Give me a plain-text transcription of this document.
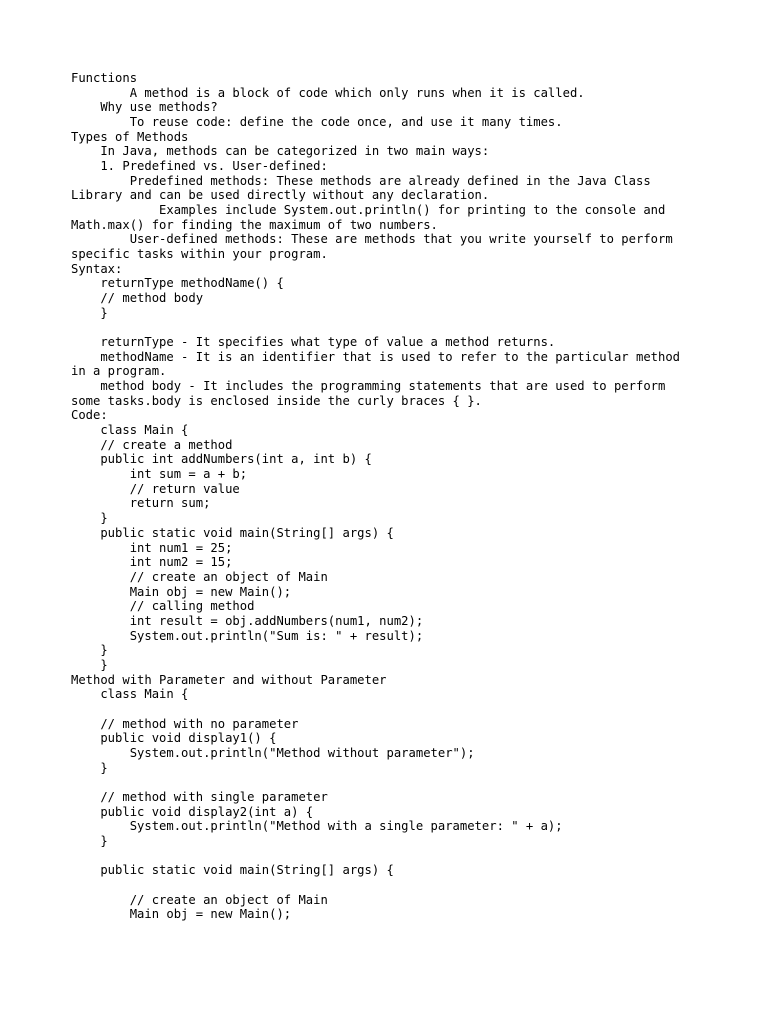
Functions
A method is a block of code which only runs when it is called.
Why use methods?
To reuse code: define the code once, and use it many times.
Types of Methods
In Java, methods can be categorized in two main ways:
1. Predefined vs. User-defined:
Predefined methods: These methods are already defined in the Java Class
Library and can be used directly without any declaration.
Examples include System.out.println() for printing to the console and
Math.max() for finding the maximum of two numbers.
User-defined methods: These are methods that you write yourself to perform
specific tasks within your program.
Syntax:
returnType methodName() {
// method body
}
returnType - It specifies what type of value a method returns.
methodName - It is an identifier that is used to refer to the particular method
in a program.
method body - It includes the programming statements that are used to perform
some tasks.body is enclosed inside the curly braces { }.
Code:
class Main {
// create a method
public int addNumbers(int a, int b) {
int sum = a + b;
// return value
return sum;
}
public static void main(String[] args) {
int num1 = 25;
int num2 = 15;
// create an object of Main
Main obj = new Main();
// calling method
int result = obj.addNumbers(num1, num2);
System.out.println("Sum is: " + result);
}
}
Method with Parameter and without Parameter
class Main {
// method with no parameter
public void display1() {
System.out.println("Method without parameter");
}
// method with single parameter
public void display2(int a) {
System.out.println("Method with a single parameter: " + a);
}
public static void main(String[] args) {
// create an object of Main
Main obj = new Main();
